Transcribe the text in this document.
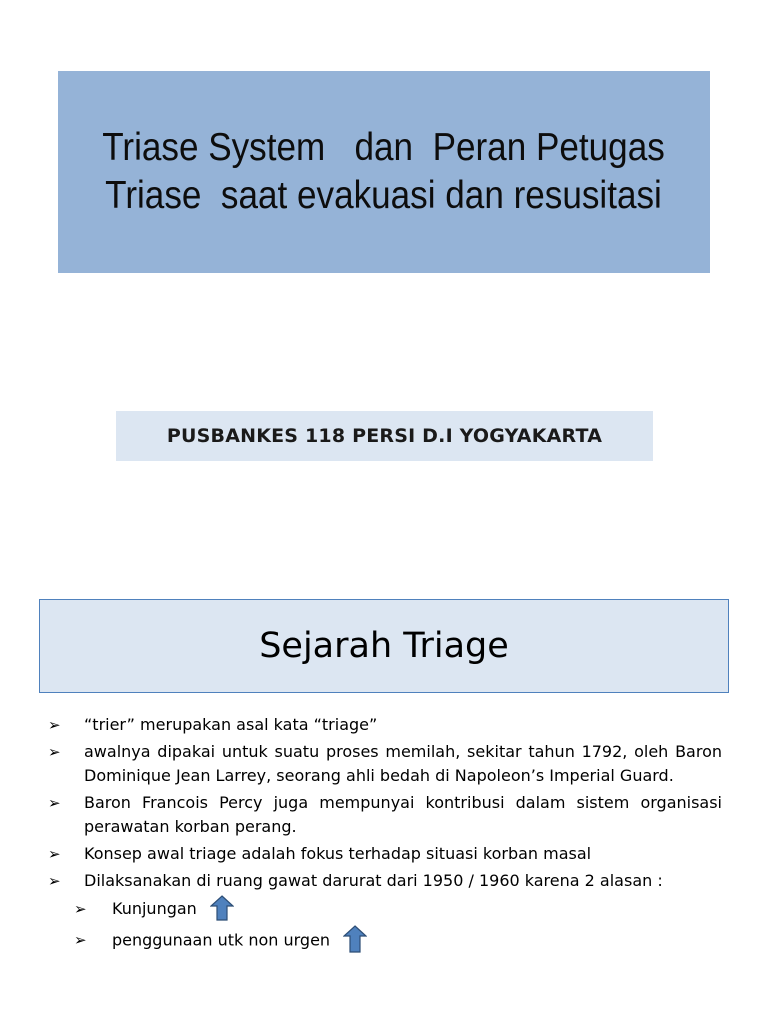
Triase System   dan  Peran Petugas
Triase  saat evakuasi dan resusitasi
PUSBANKES 118 PERSI D.I YOGYAKARTA
Sejarah Triage
➢ “trier” merupakan asal kata “triage”
➢ awalnya dipakai untuk suatu proses memilah, sekitar tahun 1792, oleh Baron Dominique Jean Larrey, seorang ahli bedah di Napoleon’s Imperial Guard.
➢ Baron Francois Percy juga mempunyai kontribusi dalam sistem organisasi perawatan korban perang.
➢ Konsep awal triage adalah fokus terhadap situasi korban masal
➢ Dilaksanakan di ruang gawat darurat dari 1950 / 1960 karena 2 alasan :
➢ Kunjungan
➢ penggunaan utk non urgen
